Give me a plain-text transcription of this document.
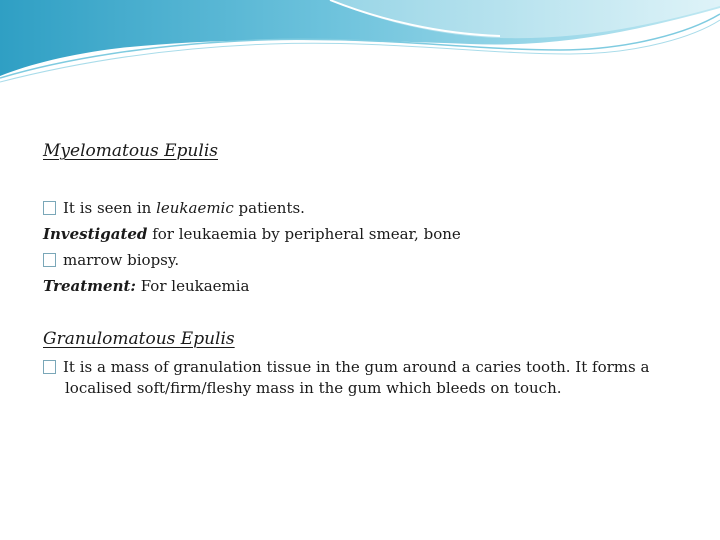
Myelomatous Epulis
It is seen in leukaemic patients.
Investigated for leukaemia by peripheral smear, bone
marrow biopsy.
Treatment: For leukaemia
Granulomatous Epulis
It is a mass of granulation tissue in the gum around a caries tooth. It forms a
localised soft/firm/fleshy mass in the gum which bleeds on touch.
